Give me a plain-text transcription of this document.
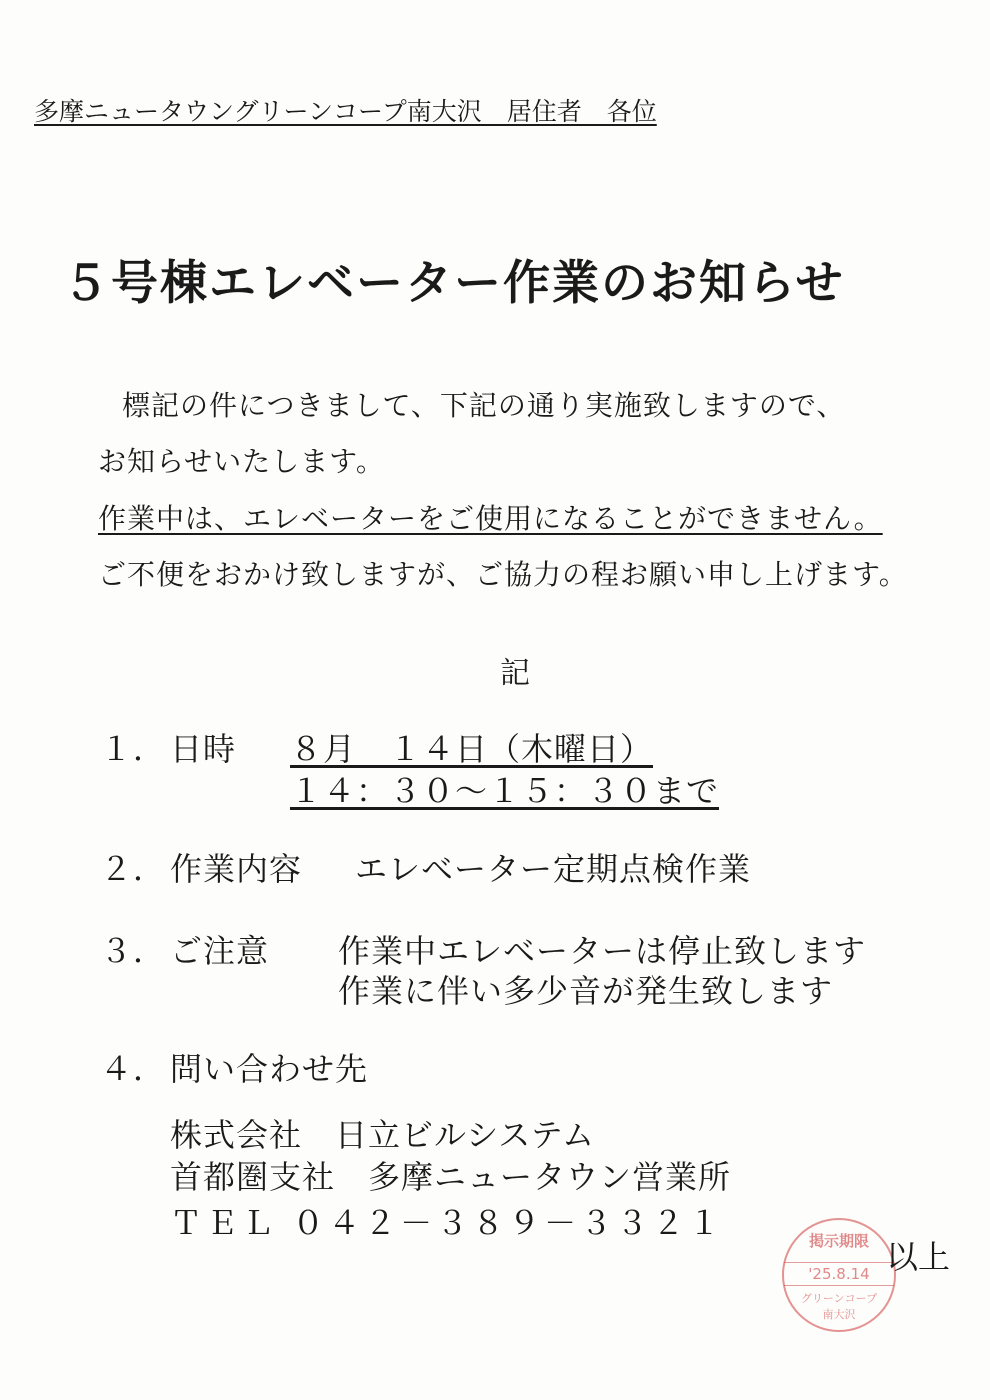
多摩ニュータウングリーンコープ南大沢　居住者　各位
５号棟エレベーター作業のお知らせ
標記の件につきまして、下記の通り実施致しますので、
お知らせいたします。
作業中は、エレベーターをご使用になることができません。
ご不便をおかけ致しますが、ご協力の程お願い申し上げます。
記
１． 日時 ８月　１４日（木曜日）
１４：３０～１５：３０まで
２． 作業内容 エレベーター定期点検作業
３． ご注意 作業中エレベーターは停止致します
作業に伴い多少音が発生致します
４． 問い合わせ先
株式会社　日立ビルシステム
首都圏支社　多摩ニュータウン営業所
ＴＥＬ ０４２－３８９－３３２１	掲示期限
'25.8.14
グリーンコープ
南大沢
以上
